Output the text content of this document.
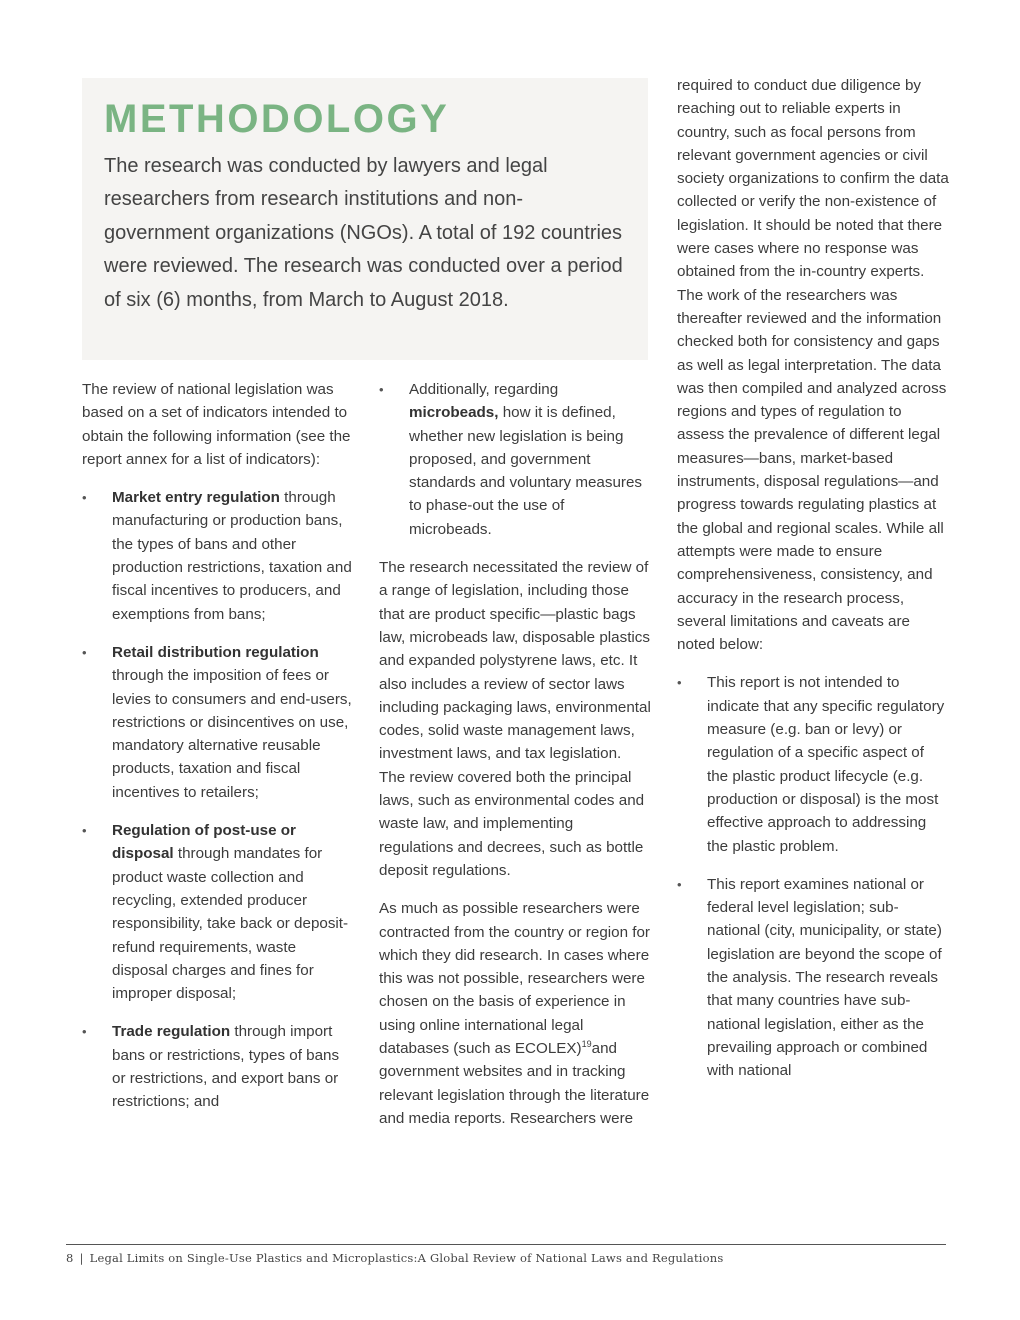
METHODOLOGY

The research was conducted by lawyers and legal researchers from research institutions and non-government organizations (NGOs). A total of 192 countries were reviewed. The research was conducted over a period of six (6) months, from March to August 2018.

The review of national legislation was based on a set of indicators intended to obtain the following information (see the report annex for a list of indicators):

• Market entry regulation through manufacturing or production bans, the types of bans and other production restrictions, taxation and fiscal incentives to producers, and exemptions from bans;
• Retail distribution regulation through the imposition of fees or levies to consumers and end-users, restrictions or disincentives on use, mandatory alternative reusable products, taxation and fiscal incentives to retailers;
• Regulation of post-use or disposal through mandates for product waste collection and recycling, extended producer responsibility, take back or deposit-refund requirements, waste disposal charges and fines for improper disposal;
• Trade regulation through import bans or restrictions, types of bans or restrictions, and export bans or restrictions; and
• Additionally, regarding microbeads, how it is defined, whether new legislation is being proposed, and government standards and voluntary measures to phase-out the use of microbeads.

The research necessitated the review of a range of legislation, including those that are product specific—plastic bags law, microbeads law, disposable plastics and expanded polystyrene laws, etc. It also includes a review of sector laws including packaging laws, environmental codes, solid waste management laws, investment laws, and tax legislation. The review covered both the principal laws, such as environmental codes and waste law, and implementing regulations and decrees, such as bottle deposit regulations.

As much as possible researchers were contracted from the country or region for which they did research. In cases where this was not possible, researchers were chosen on the basis of experience in using online international legal databases (such as ECOLEX)$^{19}$and government websites and in tracking relevant legislation through the literature and media reports. Researchers were

required to conduct due diligence by reaching out to reliable experts in country, such as focal persons from relevant government agencies or civil society organizations to confirm the data collected or verify the non-existence of legislation. It should be noted that there were cases where no response was obtained from the in-country experts. The work of the researchers was thereafter reviewed and the information checked both for consistency and gaps as well as legal interpretation. The data was then compiled and analyzed across regions and types of regulation to assess the prevalence of different legal measures—bans, market-based instruments, disposal regulations—and progress towards regulating plastics at the global and regional scales. While all attempts were made to ensure comprehensiveness, consistency, and accuracy in the research process, several limitations and caveats are noted below:

• This report is not intended to indicate that any specific regulatory measure (e.g. ban or levy) or regulation of a specific aspect of the plastic product lifecycle (e.g. production or disposal) is the most effective approach to addressing the plastic problem.
• This report examines national or federal level legislation; sub-national (city, municipality, or state) legislation are beyond the scope of the analysis. The research reveals that many countries have sub-national legislation, either as the prevailing approach or combined with national
8 | Legal Limits on Single-Use Plastics and Microplastics:A Global Review of National Laws and Regulations
